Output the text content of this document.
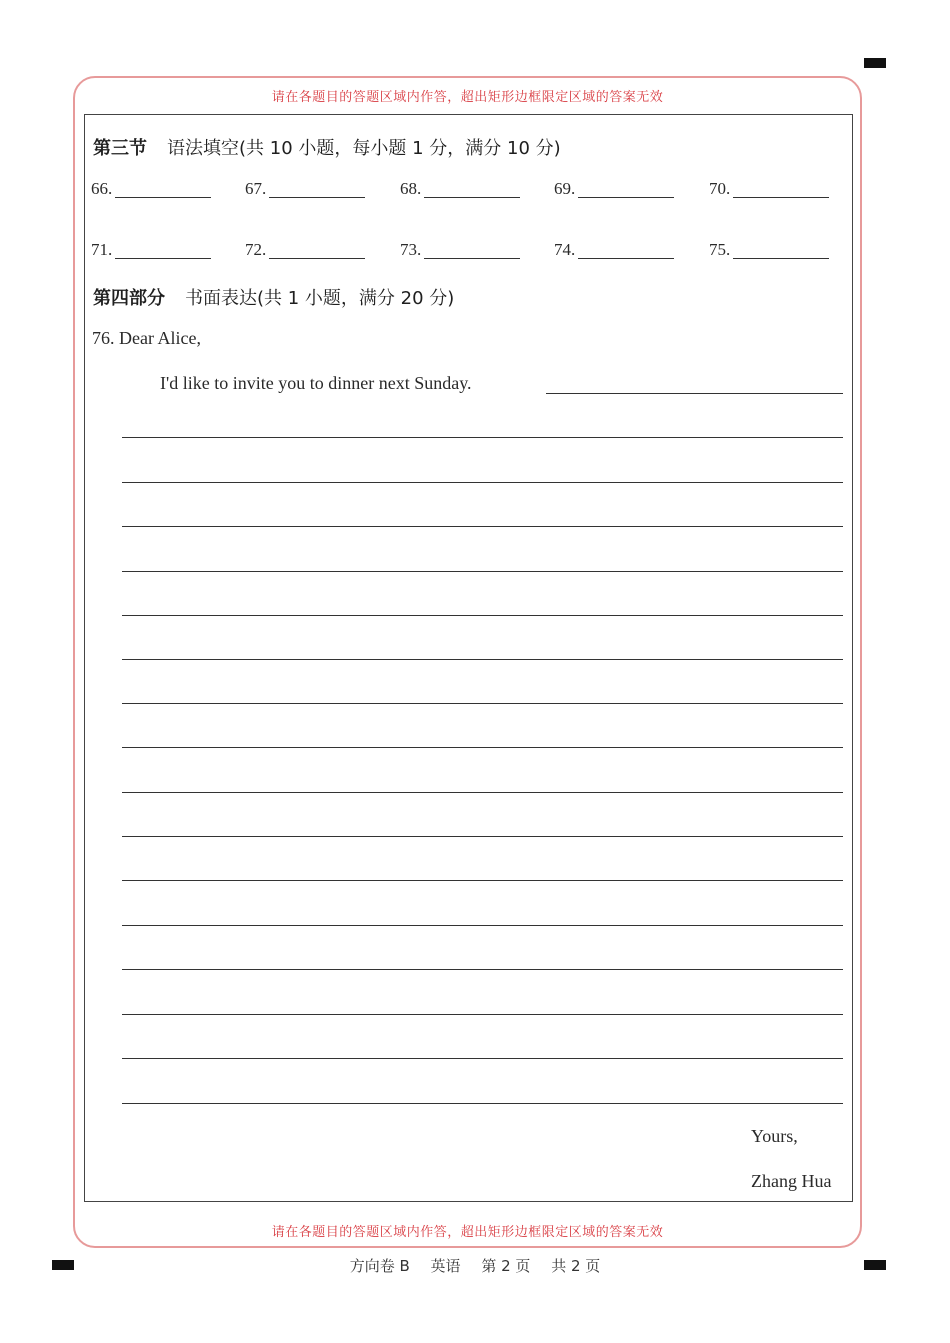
请在各题目的答题区域内作答，超出矩形边框限定区域的答案无效
第三节 语法填空(共 10 小题，每小题 1 分，满分 10 分)
66.	67.	68.	69.	70.
71.	72.	73.	74.	75.
第四部分 书面表达(共 1 小题，满分 20 分)
76. Dear Alice,
I'd like to invite you to dinner next Sunday.
Yours,
Zhang Hua
请在各题目的答题区域内作答，超出矩形边框限定区域的答案无效
方向卷 B 英语 第 2 页 共 2 页
